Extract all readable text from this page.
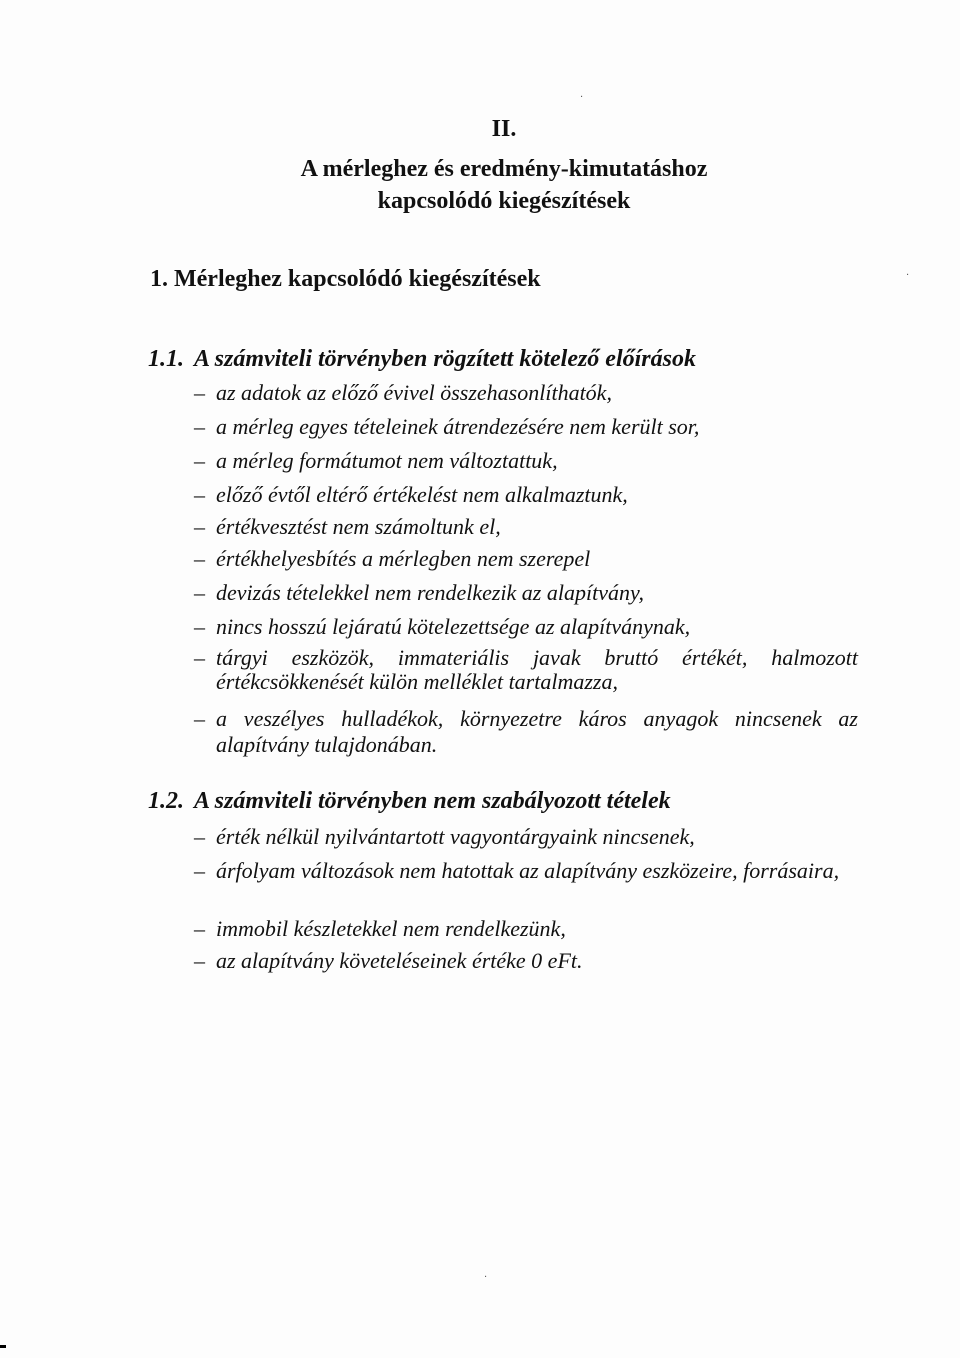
II.
A mérleghez és eredmény-kimutatáshoz
kapcsolódó kiegészítések
1. Mérleghez kapcsolódó kiegészítések
1.1. A számviteli törvényben rögzített kötelező előírások
– az adatok az előző évivel összehasonlíthatók,
– a mérleg egyes tételeinek átrendezésére nem került sor,
– a mérleg formátumot nem változtattuk,
– előző évtől eltérő értékelést nem alkalmaztunk,
– értékvesztést nem számoltunk el,
– értékhelyesbítés a mérlegben nem szerepel
– devizás tételekkel nem rendelkezik az alapítvány,
– nincs hosszú lejáratú kötelezettsége az alapítványnak,
– tárgyi eszközök, immateriális javak bruttó értékét, halmozott értékcsökkenését külön melléklet tartalmazza,
– a veszélyes hulladékok, környezetre káros anyagok nincsenek az alapítvány tulajdonában.
1.2. A számviteli törvényben nem szabályozott tételek
– érték nélkül nyilvántartott vagyontárgyaink nincsenek,
– árfolyam változások nem hatottak az alapítvány eszközeire, forrásaira,
– immobil készletekkel nem rendelkezünk,
– az alapítvány követeléseinek értéke 0 eFt.
·
·
·
